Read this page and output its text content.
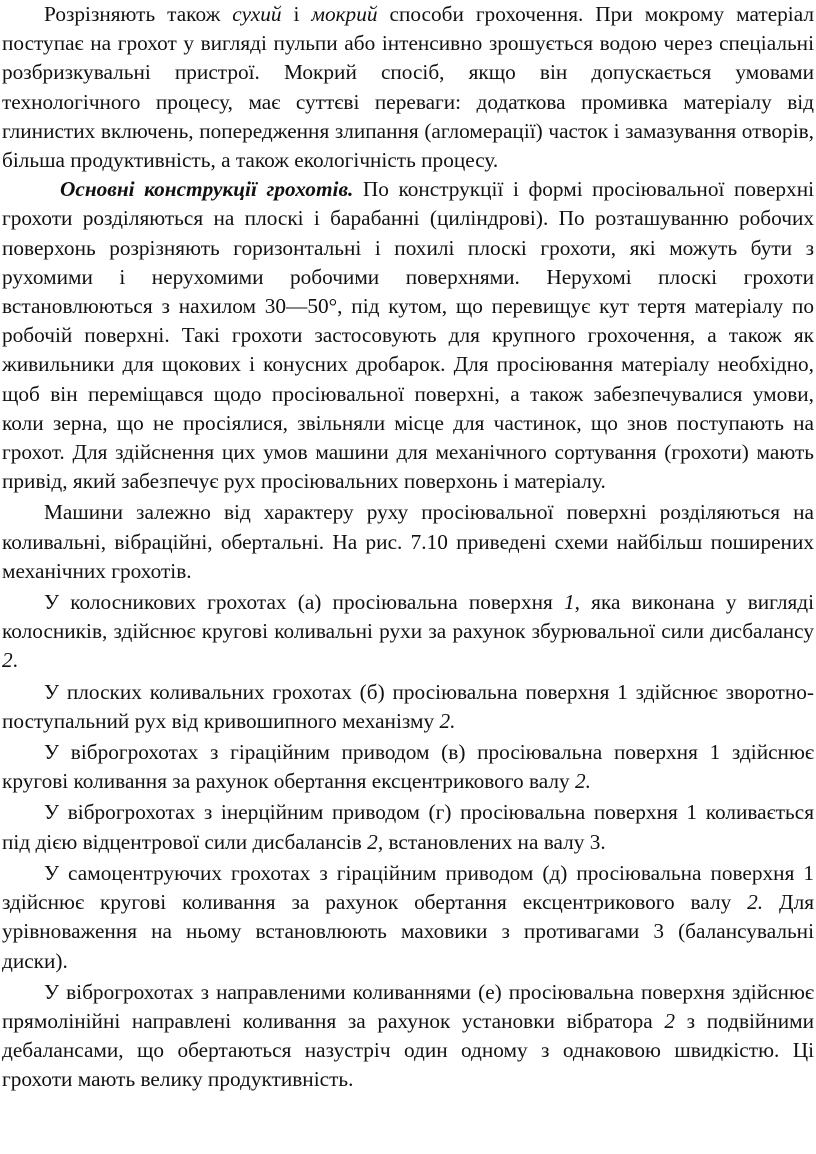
Розрізняють також сухий і мокрий способи грохочення. При мокрому матеріал поступає на грохот у вигляді пульпи або інтенсивно зрошується водою через спеціальні розбризкувальні пристрої. Мокрий спосіб, якщо він допускається умовами технологічного процесу, має суттєві переваги: додаткова промивка матеріалу від глинистих включень, попередження злипання (агломерації) часток і замазування отворів, більша продуктивність, а також екологічність процесу.

Основні конструкції грохотів. По конструкції і формі просіювальної поверхні грохоти розділяються на плоскі і барабанні (циліндрові). По розташуванню робочих поверхонь розрізняють горизонтальні і похилі плоскі грохоти, які можуть бути з рухомими і нерухомими робочими поверхнями. Нерухомі плоскі грохоти встановлюються з нахилом 30—50°, під кутом, що перевищує кут тертя матеріалу по робочій поверхні. Такі грохоти застосовують для крупного грохочення, а також як живильники для щокових і конусних дробарок. Для просіювання матеріалу необхідно, щоб він переміщався щодо просіювальної поверхні, а також забезпечувалися умови, коли зерна, що не просіялися, звільняли місце для частинок, що знов поступають на грохот. Для здійснення цих умов машини для механічного сортування (грохоти) мають привід, який забезпечує рух просіювальних поверхонь і матеріалу.

Машини залежно від характеру руху просіювальної поверхні розділяються на коливальні, вібраційні, обертальні. На рис. 7.10 приведені схеми найбільш поширених механічних грохотів.

У колосникових грохотах (а) просіювальна поверхня 1, яка виконана у вигляді колосників, здійснює кругові коливальні рухи за рахунок збурювальної сили дисбалансу 2.

У плоских коливальних грохотах (б) просіювальна поверхня 1 здійснює зворотно-поступальний рух від кривошипного механізму 2.

У віброгрохотах з гіраційним приводом (в) просіювальна поверхня 1 здійснює кругові коливання за рахунок обертання ексцентрикового валу 2.

У віброгрохотах з інерційним приводом (г) просіювальна поверхня 1 коливається під дією відцентрової сили дисбалансів 2, встановлених на валу 3.

У самоцентруючих грохотах з гіраційним приводом (д) просіювальна поверхня 1 здійснює кругові коливання за рахунок обертання ексцентрикового валу 2. Для урівноваження на ньому встановлюють маховики з противагами 3 (балансувальні диски).

У віброгрохотах з направленими коливаннями (е) просіювальна поверхня здійснює прямолінійні направлені коливання за рахунок установки вібратора 2 з подвійними дебалансами, що обертаються назустріч один одному з однаковою швидкістю. Ці грохоти мають велику продуктивність.
